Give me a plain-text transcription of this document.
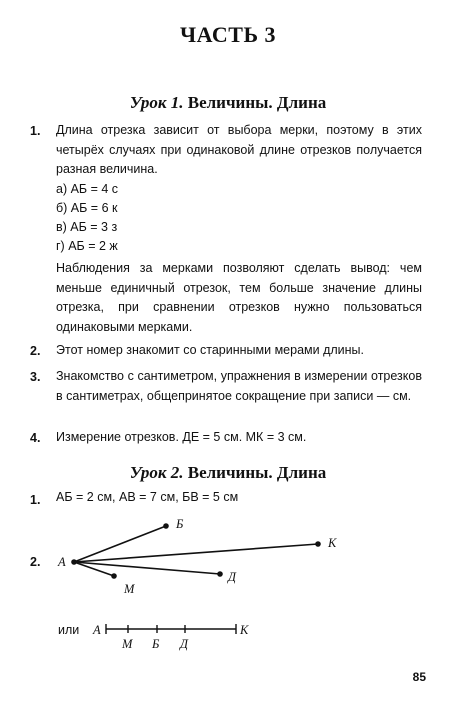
ЧАСТЬ 3
Урок 1. Величины. Длина
1. Длина отрезка зависит от выбора мерки, поэтому в этих четырёх случаях при одинаковой длине отрезков получается разная величина.
а) АБ = 4 с
б) АБ = 6 к
в) АБ = 3 з
г) АБ = 2 ж
Наблюдения за мерками позволяют сделать вывод: чем меньше единичный отрезок, тем больше значение длины отрезка, при сравнении отрезков нужно пользоваться одинаковыми мерками.
2. Этот номер знакомит со старинными мерами длины.
3. Знакомство с сантиметром, упражнения в измерении отрезков в сантиметрах, общепринятое сокращение при записи — см.
4. Измерение отрезков. ДЕ = 5 см. МК = 3 см.
Урок 2. Величины. Длина
1. АБ = 2 см, АВ = 7 см, БВ = 5 см
2. А
Б
К
Д
М
или А	К
М Б Д
85
